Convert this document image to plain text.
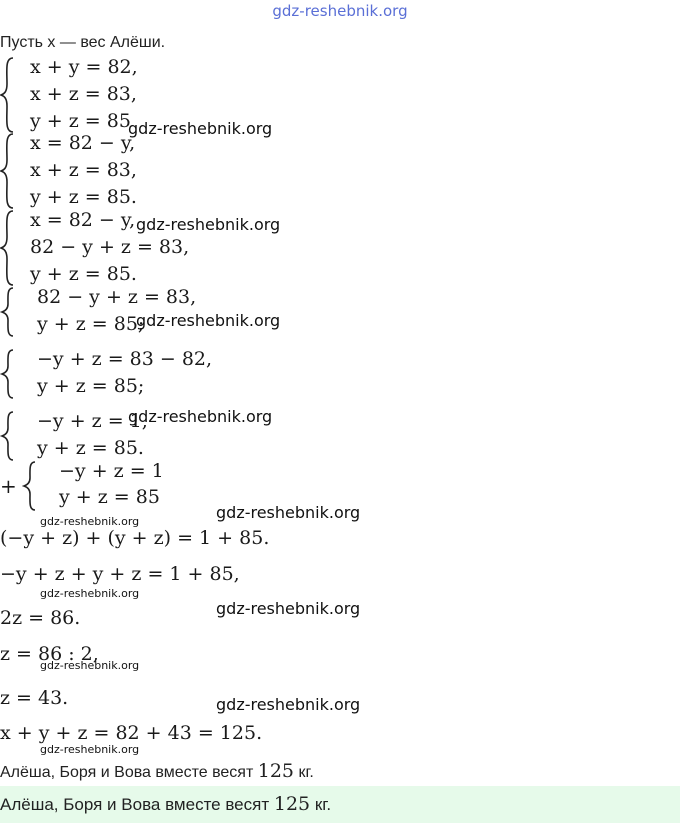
gdz-reshebnik.org
Пусть x — вес Алёши.
x + y = 82,
x + z = 83,
y + z = 85
x = 82 − y,
x + z = 83,
y + z = 85.
x = 82 − y,
82 − y + z = 83,
y + z = 85.
82 − y + z = 83,
y + z = 85;
−y + z = 83 − 82,
y + z = 85;
−y + z = 1,
y + z = 85.
+
−y + z = 1
y + z = 85
(−y + z) + (y + z) = 1 + 85.
−y + z + y + z = 1 + 85,
2z = 86.
z = 86 : 2,
z = 43.
x + y + z = 82 + 43 = 125.
Алёша, Боря и Вова вместе весят 125 кг.
Алёша, Боря и Вова вместе весят 125 кг.
gdz-reshebnik.org
gdz-reshebnik.org
gdz-reshebnik.org
gdz-reshebnik.org
gdz-reshebnik.org
gdz-reshebnik.org
gdz-reshebnik.org
gdz-reshebnik.org
gdz-reshebnik.org
gdz-reshebnik.org
gdz-reshebnik.org
